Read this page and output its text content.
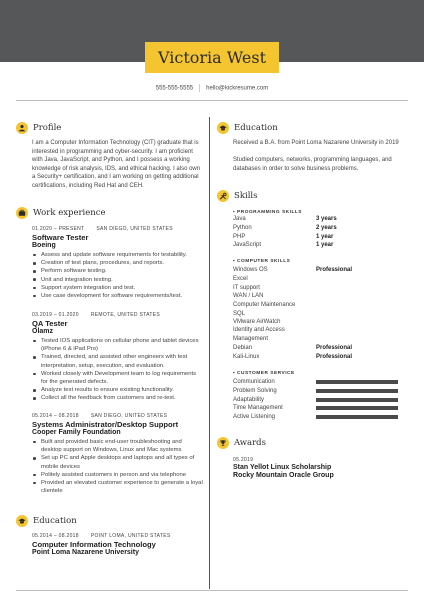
Victoria West
555-555-5555 hello@kickresume.com
Profile
I am a Computer Information Technology (CIT) graduate that is interested in programming and cyber-security. I am proficient with Java, JavaScript, and Python, and I possess a working knowledge of risk analysis, IDS, and ethical hacking. I also own a Security+ certification, and I am working on getting additional certifications, including Red Hat and CEH.
Work experience
01.2020 – PRESENT SAN DIEGO, UNITED STATES
Software Tester
Boeing
Assess and update software requirements for testability.
Creation of test plans, procedures, and reports.
Perform software testing.
Unit and integration testing.
Support system integration and test.
Use case development for software requirements/test.
03.2019 – 01.2020 REMOTE, UNITED STATES
QA Tester
Olamz
Tested IOS applications on cellular phone and tablet devices (iPhone 6 & iPad Pro)
Trained, directed, and assisted other engineers with test interpretation, setup, execution, and evaluation.
Worked closely with Development team to log requirements for the generated defects.
Analyze test results to ensure existing functionality.
Collect all the feedback from customers and re-test.
05.2014 – 08.2018 SAN DIEGO, UNITED STATES
Systems Administrator/Desktop Support
Cooper Family Foundation
Built and provided basic end-user troubleshooting and desktop support on Windows, Linux and Mac systems
Set up PC and Apple desktops and laptops and all types of mobile devices
Politely assisted customers in person and via telephone
Provided an elevated customer experience to generate a loyal clientele
Education
05.2014 – 08.2018 POINT LOMA, UNITED STATES
Computer Information Technology
Point Loma Nazarene University
Education
Received a B.A. from Point Loma Nazarene University in 2019
Studied computers, networks, programming languages, and databases in order to solve business problems.
Skills
▪ PROGRAMMING SKILLS
Java	3 years
Python	2 years
PHP	1 year
JavaScript	1 year
▪ COMPUTER SKILLS
Windows OS	Professional
Excel
IT support
WAN / LAN
Computer Maintenance
SQL
VMware AirWatch
Identity and Access Management
Debian	Professional
Kali-Linux	Professional
▪ CUSTOMER SERVICE
Communication
Problem Solving
Adaptability
Time Management
Active Listening
Awards
05.2019
Stan Yellot Linux Scholarship
Rocky Mountain Oracle Group
